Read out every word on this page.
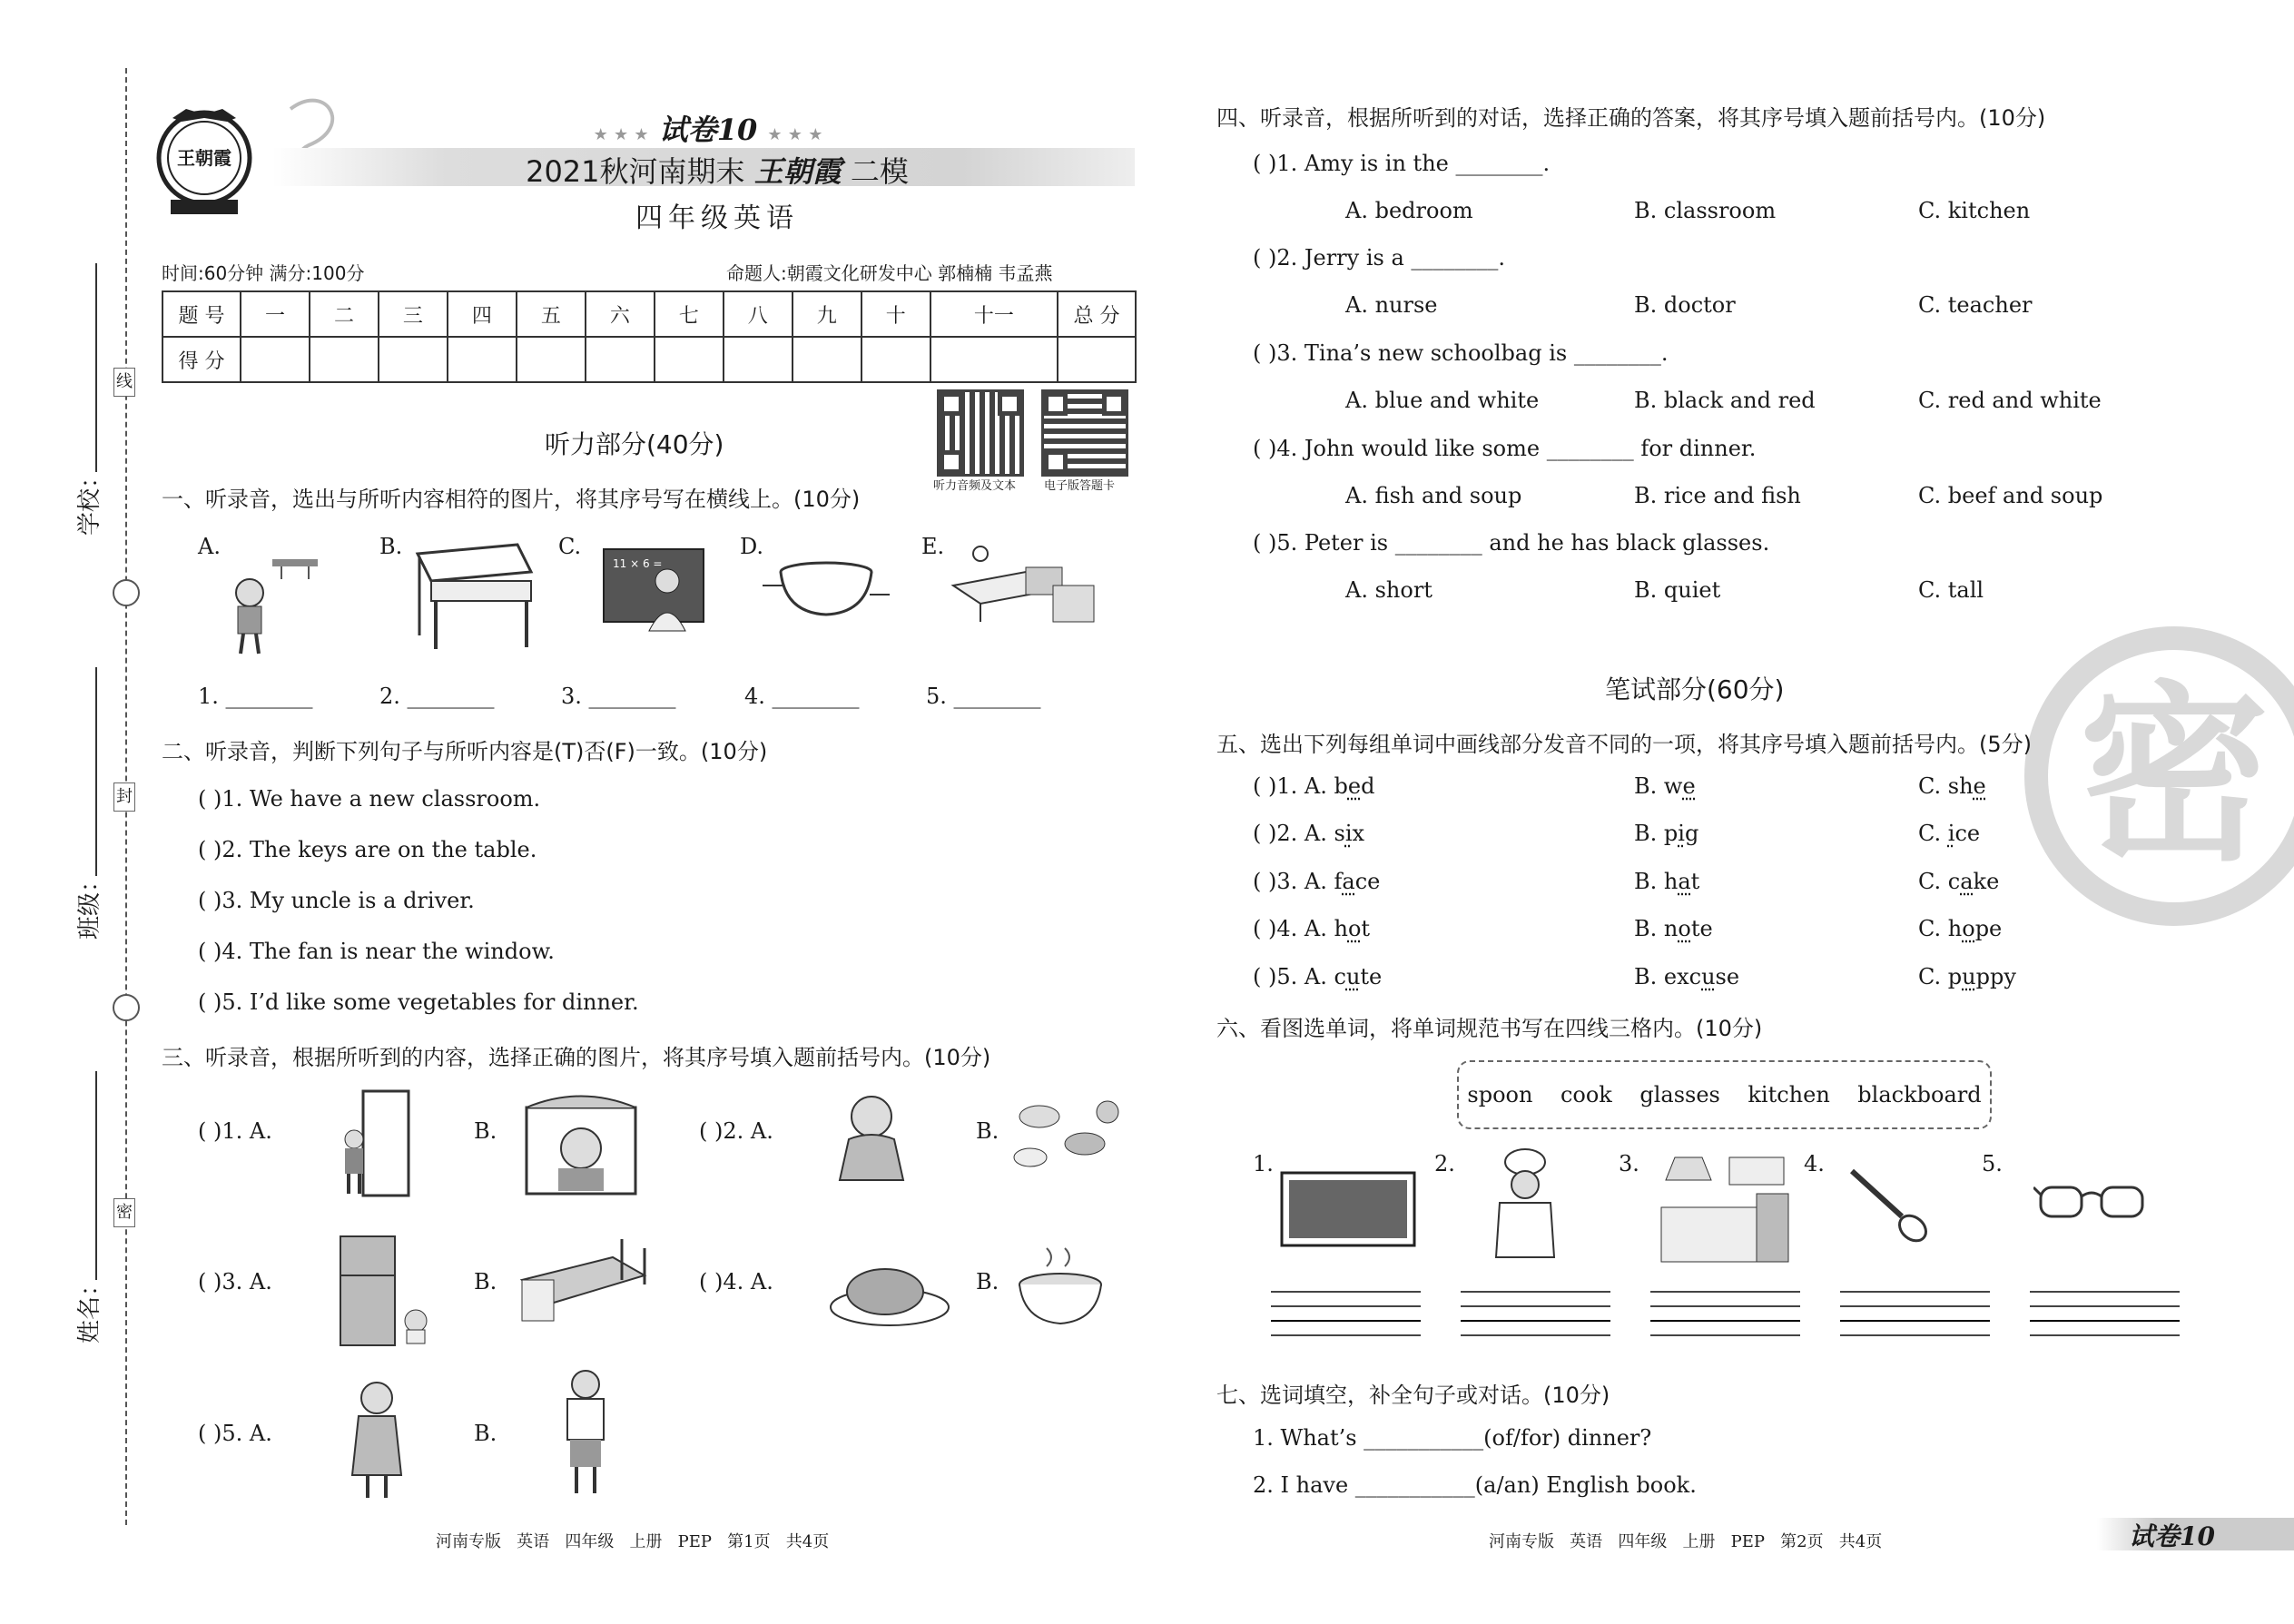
线
封
密
学校：
班级：
姓名：
王朝霞
★ ★ ★ 试卷10 ★ ★ ★
2021秋河南期末 王朝霞 二模
四年级英语
时间:60分钟 满分:100分	命题人:朝霞文化研发中心 郭楠楠 韦孟燕
题 号	一	二	三	四	五	六	七	八	九	十	十一	总 分
得 分												
听力音频及文本 电子版答题卡
听力部分(40分)
一、听录音，选出与所听内容相符的图片，将其序号写在横线上。(10分)
A.	B.	C.	D.	E.
11 × 6 =
1. ________	2. ________	3. ________	4. ________	5. ________
二、听录音，判断下列句子与所听内容是(T)否(F)一致。(10分)
( )1. We have a new classroom.
( )2. The keys are on the table.
( )3. My uncle is a driver.
( )4. The fan is near the window.
( )5. I’d like some vegetables for dinner.
三、听录音，根据所听到的内容，选择正确的图片，将其序号填入题前括号内。(10分)
( )1. A.	B.	( )2. A.	B.
( )3. A.	B.	( )4. A.	B.
( )5. A.	B.
四、听录音，根据所听到的对话，选择正确的答案，将其序号填入题前括号内。(10分)
( )1. Amy is in the ________.
A. bedroom	B. classroom	C. kitchen
( )2. Jerry is a ________.
A. nurse	B. doctor	C. teacher
( )3. Tina’s new schoolbag is ________.
A. blue and white	B. black and red	C. red and white
( )4. John would like some ________ for dinner.
A. fish and soup	B. rice and fish	C. beef and soup
( )5. Peter is ________ and he has black glasses.
A. short	B. quiet	C. tall
密
笔试部分(60分)
五、选出下列每组单词中画线部分发音不同的一项，将其序号填入题前括号内。(5分)
( )1. A. bed	B. we	C. she
( )2. A. six	B. pig	C. ice
( )3. A. face	B. hat	C. cake
( )4. A. hot	B. note	C. hope
( )5. A. cute	B. excuse	C. puppy
六、看图选单词，将单词规范书写在四线三格内。(10分)
spoon    cook    glasses    kitchen    blackboard
1.	2.	3.	4.	5.
七、选词填空，补全句子或对话。(10分)
1. What’s ___________(of/for) dinner?
2. I have ___________(a/an) English book.
河南专版   英语   四年级   上册   PEP   第1页   共4页	河南专版   英语   四年级   上册   PEP   第2页   共4页	试卷10
